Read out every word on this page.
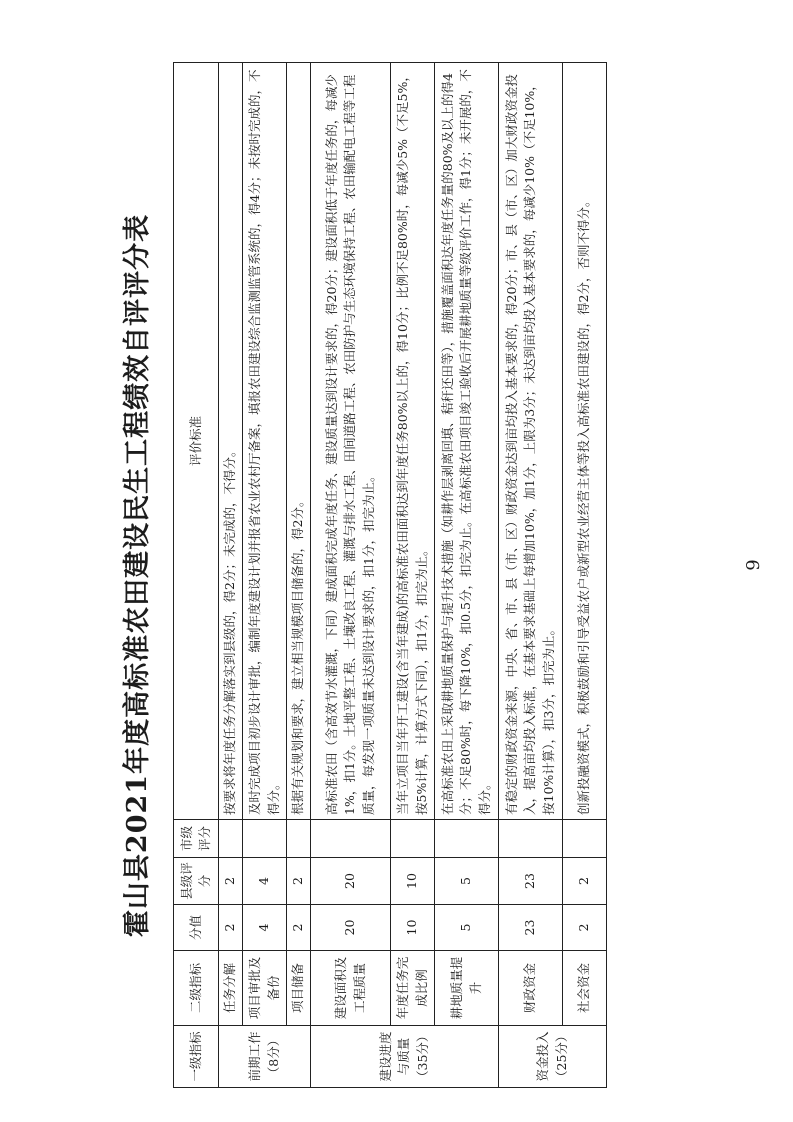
霍山县2021年度高标准农田建设民生工程绩效自评评分表
一级指标	二级指标	分值	县级评分	市级评分	评价标准
前期工作（8分）	任务分解	2	2		按要求将年度任务分解落实到县级的，得2分；未完成的，不得分。
	项目审批及备份	4	4		及时完成项目初步设计审批，编制年度建设计划并报省农业农村厅备案，填报农田建设综合监测监管系统的，得4分；未按时完成的，不得分。
	项目储备	2	2		根据有关规划和要求，建立相当规模项目储备的，得2分。
建设进度与质量（35分）	建设面积及工程质量	20	20		高标准农田（含高效节水灌溉，下同）建成面积完成年度任务、建设质量达到设计要求的，得20分；建设面积低于年度任务的，每减少1%，扣1分。土地平整工程、土壤改良工程、灌溉与排水工程、田间道路工程、农田防护与生态环境保持工程、农田输配电工程等工程质量，每发现一项质量未达到设计要求的，扣1分，扣完为止。
	年度任务完成比例	10	10		当年立项目当年开工建设(含当年建成)的高标准农田面积达到年度任务80%以上的，得10分；比例不足80%时，每减少5%（不足5%，按5%计算，计算方式下同），扣1分，扣完为止。
	耕地质量提升	5	5		在高标准农田上采取耕地质量保护与提升技术措施（如耕作层剥离回填、秸秆还田等），措施覆盖面积达年度任务量的80%及以上的得4分；不足80%时，每下降10%，扣0.5分，扣完为止。在高标准农田项目竣工验收后开展耕地质量等级评价工作，得1分；未开展的，不得分。
资金投入（25分）	财政资金	23	23		有稳定的财政资金来源，中央、省、市、县（市、区）财政资金达到亩均投入基本要求的，得20分；市、县（市、区）加大财政资金投入，提高亩均投入标准，在基本要求基础上每增加10%，加1分，上限为3分；未达到亩均投入基本要求的，每减少10%（不足10%，按10%计算），扣3分，扣完为止。
	社会资金	2	2		创新投融资模式，积极鼓励和引导受益农户或新型农业经营主体等投入高标准农田建设的，得2分，否则不得分。	9
